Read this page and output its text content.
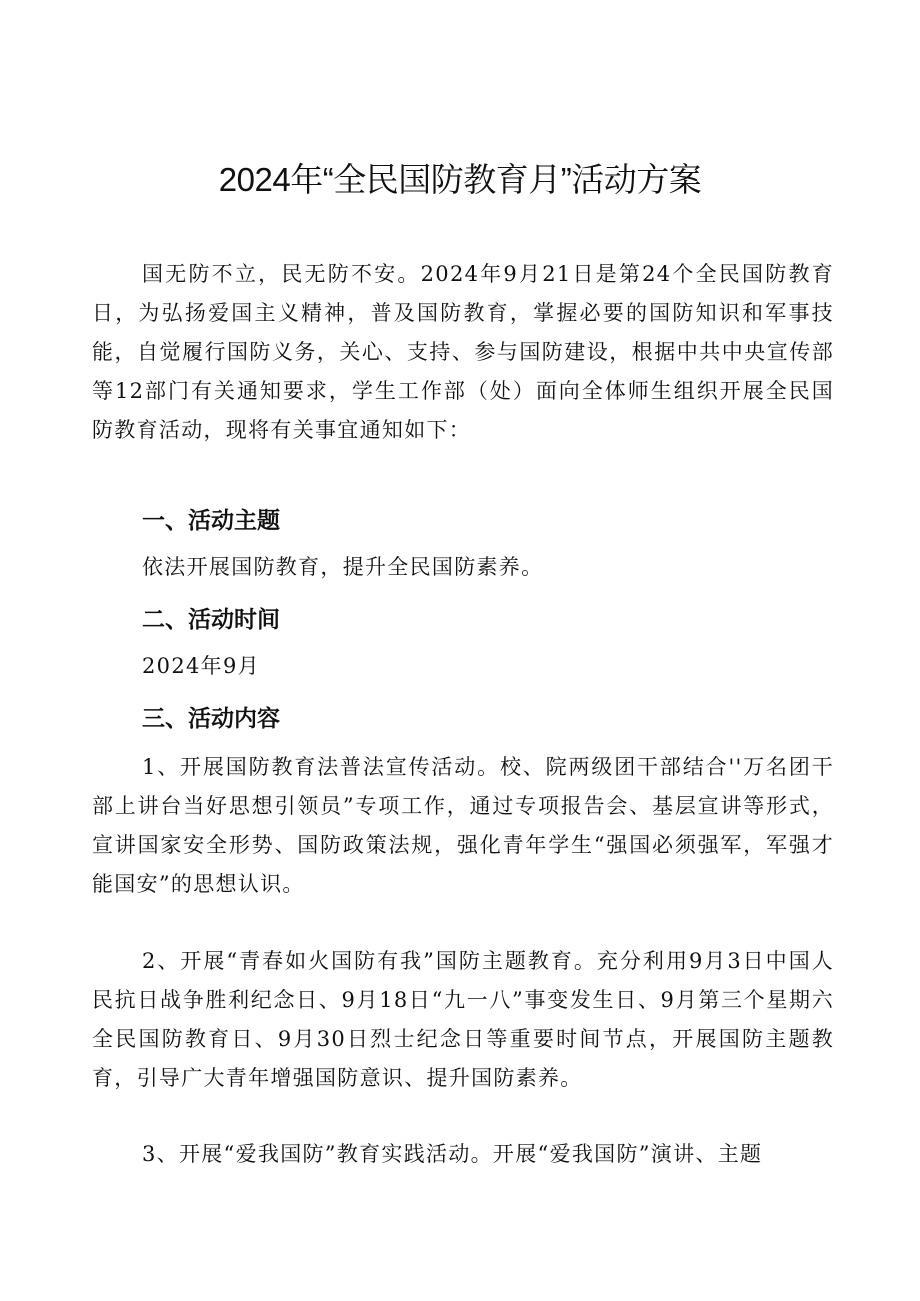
2024年“全民国防教育月”活动方案

国无防不立，民无防不安。2024年9月21日是第24个全民国防教育日，为弘扬爱国主义精神，普及国防教育，掌握必要的国防知识和军事技能，自觉履行国防义务，关心、支持、参与国防建设，根据中共中央宣传部等12部门有关通知要求，学生工作部（处）面向全体师生组织开展全民国防教育活动，现将有关事宜通知如下：

一、活动主题

依法开展国防教育，提升全民国防素养。

二、活动时间

2024年9月

三、活动内容

1、开展国防教育法普法宣传活动。校、院两级团干部结合''万名团干部上讲台当好思想引领员”专项工作，通过专项报告会、基层宣讲等形式，宣讲国家安全形势、国防政策法规，强化青年学生“强国必须强军，军强才能国安”的思想认识。

2、开展“青春如火国防有我”国防主题教育。充分利用9月3日中国人民抗日战争胜利纪念日、9月18日“九一八”事变发生日、9月第三个星期六全民国防教育日、9月30日烈士纪念日等重要时间节点，开展国防主题教育，引导广大青年增强国防意识、提升国防素养。

3、开展“爱我国防”教育实践活动。开展“爱我国防”演讲、主题
